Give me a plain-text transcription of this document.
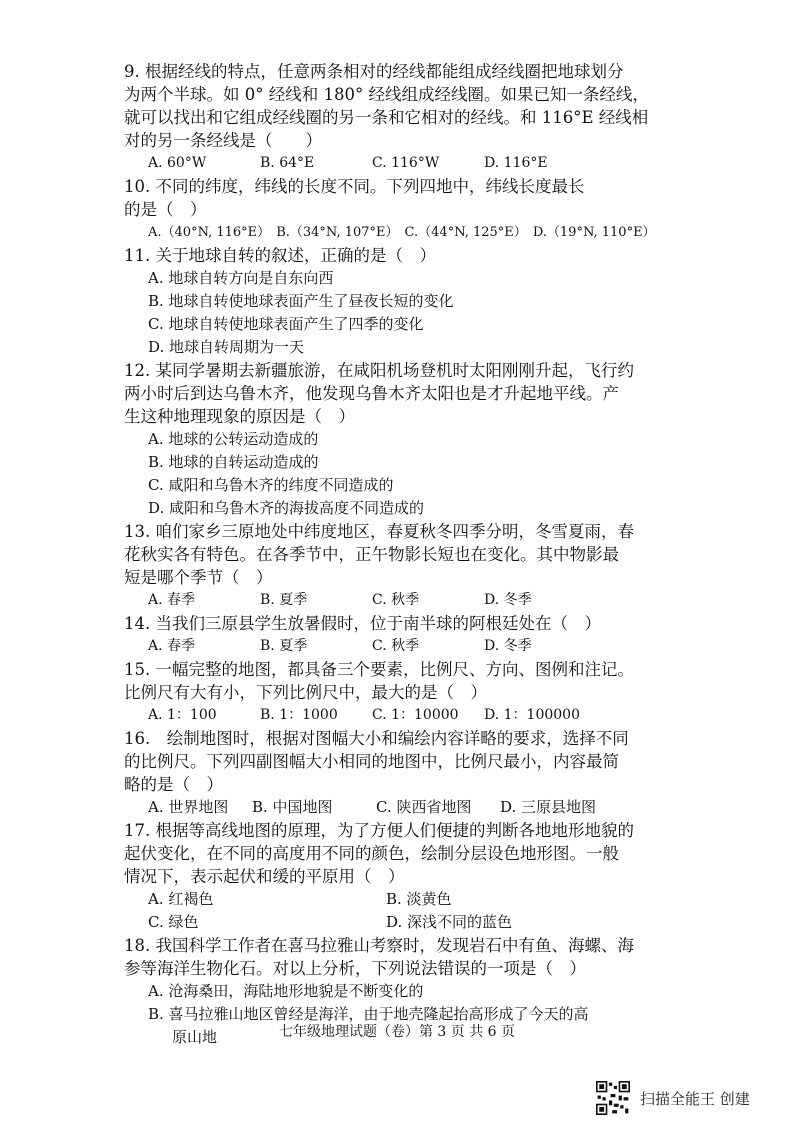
9. 根据经线的特点，任意两条相对的经线都能组成经线圈把地球划分
为两个半球。如 0° 经线和 180° 经线组成经线圈。如果已知一条经线，
就可以找出和它组成经线圈的另一条和它相对的经线。和 116°E 经线相
对的另一条经线是（　　）
A. 60°W	B. 64°E	C. 116°W	D. 116°E
10. 不同的纬度，纬线的长度不同。下列四地中，纬线长度最长
的是（　）
A.（40°N, 116°E） B.（34°N, 107°E） C.（44°N, 125°E） D.（19°N, 110°E）
11. 关于地球自转的叙述，正确的是（　）
A. 地球自转方向是自东向西
B. 地球自转使地球表面产生了昼夜长短的变化
C. 地球自转使地球表面产生了四季的变化
D. 地球自转周期为一天
12. 某同学暑期去新疆旅游，在咸阳机场登机时太阳刚刚升起，飞行约
两小时后到达乌鲁木齐，他发现乌鲁木齐太阳也是才升起地平线。产
生这种地理现象的原因是（　）
A. 地球的公转运动造成的
B. 地球的自转运动造成的
C. 咸阳和乌鲁木齐的纬度不同造成的
D. 咸阳和乌鲁木齐的海拔高度不同造成的
13. 咱们家乡三原地处中纬度地区，春夏秋冬四季分明，冬雪夏雨，春
花秋实各有特色。在各季节中，正午物影长短也在变化。其中物影最
短是哪个季节（　）
A. 春季	B. 夏季	C. 秋季	D. 冬季
14. 当我们三原县学生放暑假时，位于南半球的阿根廷处在（　）
A. 春季	B. 夏季	C. 秋季	D. 冬季
15. 一幅完整的地图，都具备三个要素，比例尺、方向、图例和注记。
比例尺有大有小，下列比例尺中，最大的是（　）
A. 1：100	B. 1：1000	C. 1：10000	D. 1：100000
16.　绘制地图时，根据对图幅大小和编绘内容详略的要求，选择不同
的比例尺。下列四副图幅大小相同的地图中，比例尺最小，内容最简
略的是（　）
A. 世界地图	B. 中国地图	C. 陕西省地图	D. 三原县地图
17. 根据等高线地图的原理，为了方便人们便捷的判断各地地形地貌的
起伏变化，在不同的高度用不同的颜色，绘制分层设色地形图。一般
情况下，表示起伏和缓的平原用（　）
A. 红褐色	B. 淡黄色
C. 绿色	D. 深浅不同的蓝色
18. 我国科学工作者在喜马拉雅山考察时，发现岩石中有鱼、海螺、海
参等海洋生物化石。对以上分析，下列说法错误的一项是（　）
A. 沧海桑田，海陆地形地貌是不断变化的
B. 喜马拉雅山地区曾经是海洋，由于地壳隆起抬高形成了今天的高
原山地	七年级地理试题（卷）第 3 页 共 6 页
扫描全能王 创建
